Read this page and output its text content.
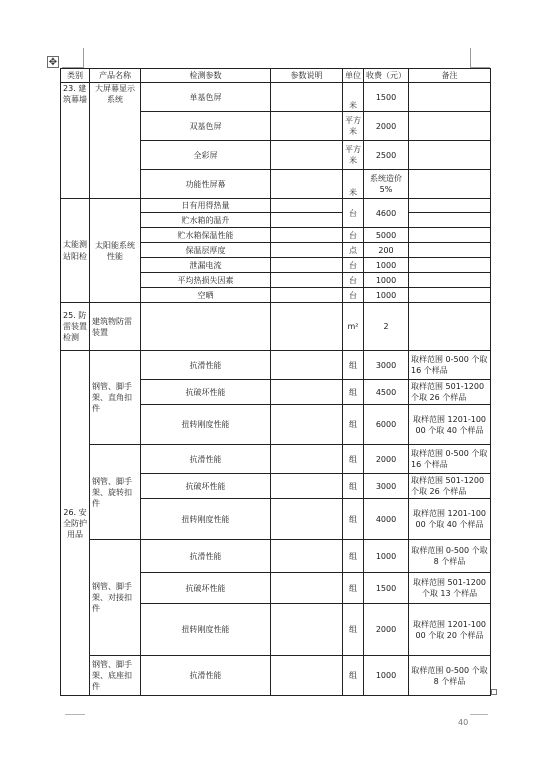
✥
类别	产品名称	检测参数	参数说明	单位	收费（元）	备注

23. 建筑幕墙	大屏幕显示系统	单基色屏		米	1500	
		双基色屏		平方米	2000	
		全彩屏		平方米	2500	
		功能性屏幕		米	系统造价5%	
太能测 站阳检	太阳能系统性能	日有用得热量		台	4600	
		贮水箱的温升				
		贮水箱保温性能		台	5000	
		保温层厚度		点	200	
		泄漏电流		台	1000	
		平均热损失因素		台	1000	
		空晒		台	1000	
25. 防雷装置检测	建筑物防雷装置			m²	2	
26. 安全防护用品	钢管、脚手架、直角扣件	抗滑性能		组	3000	取样范围 0-500 个取 16 个样品

		抗破坏性能		组	4500	取样范围 501-1200 个取 26 个样品

		扭转刚度性能		组	6000	取样范围 1201-10000 个取 40 个样品
	钢管、脚手架、旋转扣件	抗滑性能		组	2000	取样范围 0-500 个取 16 个样品

		抗破坏性能		组	3000	取样范围 501-1200 个取 26 个样品

		扭转刚度性能		组	4000	取样范围 1201-10000 个取 40 个样品
	钢管、脚手架、对接扣件	抗滑性能		组	1000	取样范围 0-500 个取 8 个样品
		抗破坏性能		组	1500	取样范围 501-1200 个取 13 个样品
		扭转刚度性能		组	2000	取样范围 1201-10000 个取 20 个样品

	钢管、脚手架、底座扣件	抗滑性能		组	1000	取样范围 0-500 个取 8 个样品
40
